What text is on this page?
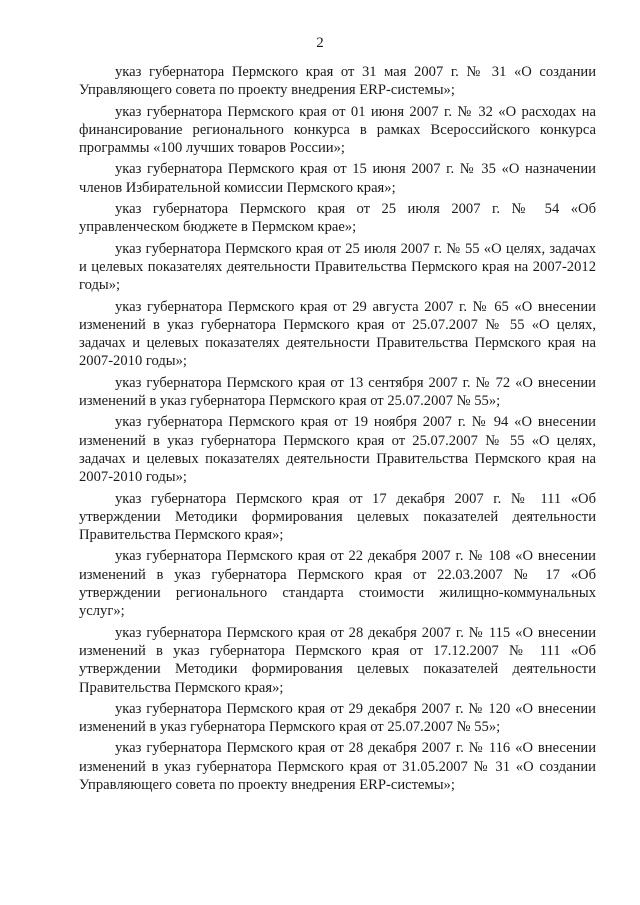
2

указ губернатора Пермского края от 31 мая 2007 г. № 31 «О создании Управляющего совета по проекту внедрения ERP-системы»;

указ губернатора Пермского края от 01 июня 2007 г. № 32 «О расходах на финансирование регионального конкурса в рамках Всероссийского конкурса программы «100 лучших товаров России»;

указ губернатора Пермского края от 15 июня 2007 г. № 35 «О назначении членов Избирательной комиссии Пермского края»;

указ губернатора Пермского края от 25 июля 2007 г. № 54 «Об управленческом бюджете в Пермском крае»;

указ губернатора Пермского края от 25 июля 2007 г. № 55 «О целях, задачах и целевых показателях деятельности Правительства Пермского края на 2007-2012 годы»;

указ губернатора Пермского края от 29 августа 2007 г. № 65 «О внесении изменений в указ губернатора Пермского края от 25.07.2007 № 55 «О целях, задачах и целевых показателях деятельности Правительства Пермского края на 2007-2010 годы»;

указ губернатора Пермского края от 13 сентября 2007 г. № 72 «О внесении изменений в указ губернатора Пермского края от 25.07.2007 № 55»;

указ губернатора Пермского края от 19 ноября 2007 г. № 94 «О внесении изменений в указ губернатора Пермского края от 25.07.2007 № 55 «О целях, задачах и целевых показателях деятельности Правительства Пермского края на 2007-2010 годы»;

указ губернатора Пермского края от 17 декабря 2007 г. № 111 «Об утверждении Методики формирования целевых показателей деятельности Правительства Пермского края»;

указ губернатора Пермского края от 22 декабря 2007 г. № 108 «О внесении изменений в указ губернатора Пермского края от 22.03.2007 № 17 «Об утверждении регионального стандарта стоимости жилищно-коммунальных услуг»;

указ губернатора Пермского края от 28 декабря 2007 г. № 115 «О внесении изменений в указ губернатора Пермского края от 17.12.2007 № 111 «Об утверждении Методики формирования целевых показателей деятельности Правительства Пермского края»;

указ губернатора Пермского края от 29 декабря 2007 г. № 120 «О внесении изменений в указ губернатора Пермского края от 25.07.2007 № 55»;

указ губернатора Пермского края от 28 декабря 2007 г. № 116 «О внесении изменений в указ губернатора Пермского края от 31.05.2007 № 31 «О создании Управляющего совета по проекту внедрения ERP-системы»;
